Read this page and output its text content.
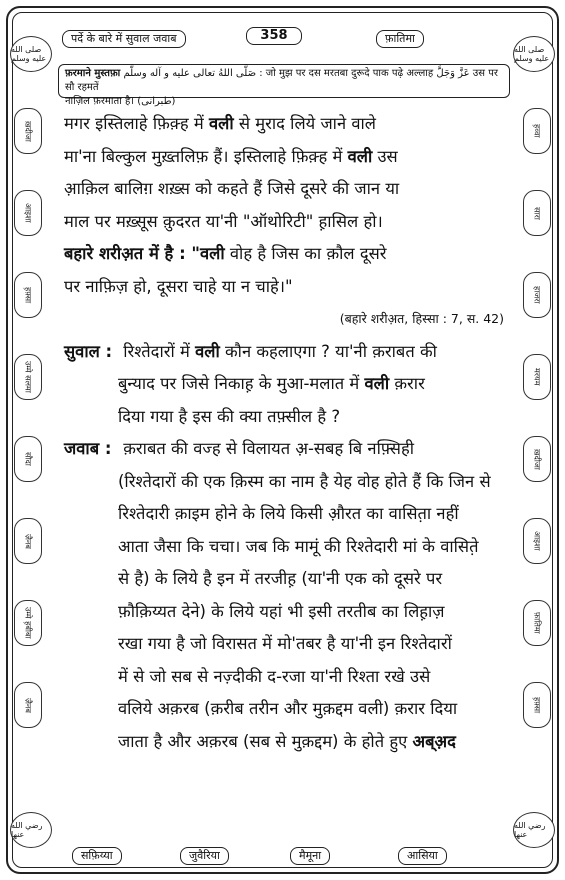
صلى الله عليه وسلم
صلى الله عليه وسلم
رضي الله عنها
رضي الله عنها
पर्दे के बारे में सुवाल जवाब	358	फ़ातिमा
ख़दीजा
आइशा
ह़फ़्सा
उम्मे सलमा
सौदा
ज़ैनब
उम्मे ह़बीबा
ज़ैनब
ह़व्वा
सारा
हाजरा
मरयम
ख़दीजा
आइशा
फ़ातिमा
ह़फ़्सा
फ़रमाने मुस्तफ़ा صَلَّى اللهُ تعالى عليه و آله وسلَّم : जो मुझ पर दस मरतबा दुरूदे पाक पढ़े अल्लाह عَزَّ وَجَلَّ उस पर सौ रहमतें
नाज़िल फ़रमाता है। (طبرانى)
मगर इस्तिलाहे फ़िक़्ह में वली से मुराद लिये जाने वाले
मा'ना बिल्कुल मुख़्तलिफ़ हैं। इस्तिलाहे फ़िक़्ह में वली उस
आ़क़िल बालिग़ शख़्स को कहते हैं जिसे दूसरे की जान या
माल पर मख़्सूस क़ुदरत या'नी "ऑथोरिटी" ह़ासिल हो।
बहारे शरीअ़त में है : "वली वोह है जिस का क़ौल दूसरे
पर नाफ़िज़ हो, दूसरा चाहे या न चाहे।"
(बहारे शरीअ़त, हिस्सा : 7, स. 42)
सुवाल : रिश्तेदारों में वली कौन कहलाएगा ? या'नी क़राबत की
बुन्याद पर जिसे निकाह़ के मुआ-मलात में वली क़रार
दिया गया है इस की क्या तफ़्सील है ?
जवाब : क़राबत की वज्ह से विलायत अ़-सबह बि नफ़्सिही
(रिश्तेदारों की एक क़िस्म का नाम है येह वोह होते हैं कि जिन से
रिश्तेदारी क़ाइम होने के लिये किसी औ़रत का वासित़ा नहीं
आता जैसा कि चचा। जब कि मामूं की रिश्तेदारी मां के वासित़े
से है) के लिये है इन में तरजीह़ (या'नी एक को दूसरे पर
फ़ौक़िय्यत देने) के लिये यहां भी इसी तरतीब का लिह़ाज़
रखा गया है जो विरासत में मो'तबर है या'नी इन रिश्तेदारों
में से जो सब से नज़्दीकी द-रजा या'नी रिश्ता रखे उसे
वलिये अक़रब (क़रीब तरीन और मुक़द्दम वली) क़रार दिया
जाता है और अक़रब (सब से मुक़द्दम) के होते हुए अब्अ़द
सफ़िय्या	जुवैरिया	मैमूना	आसिया
